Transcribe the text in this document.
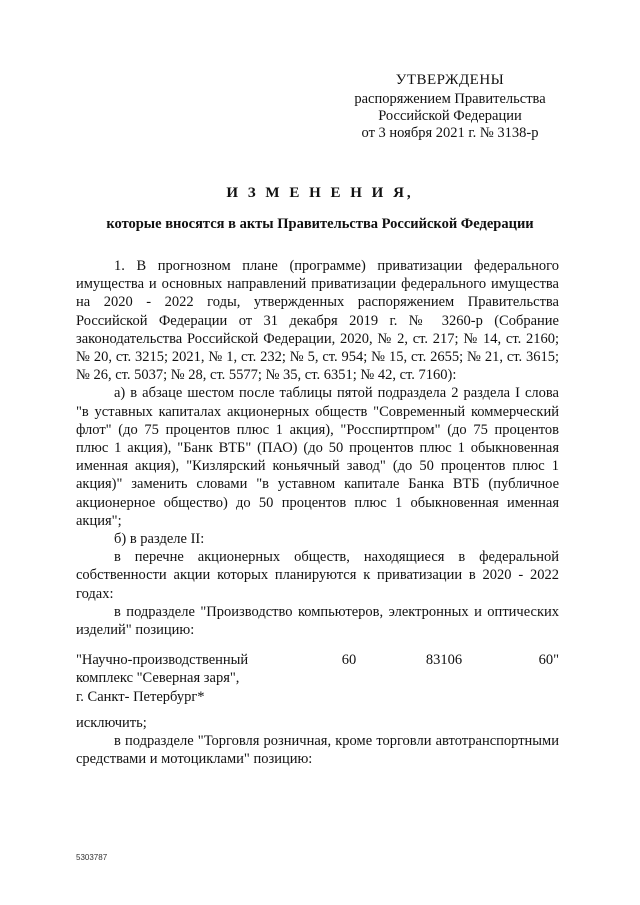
УТВЕРЖДЕНЫ
распоряжением Правительства
Российской Федерации
от 3 ноября 2021 г. № 3138-р
И З М Е Н Е Н И Я,
которые вносятся в акты Правительства Российской Федерации
1. В прогнозном плане (программе) приватизации федерального имущества и основных направлений приватизации федерального имущества на 2020 - 2022 годы, утвержденных распоряжением Правительства Российской Федерации от 31 декабря 2019 г. № 3260-р (Собрание законодательства Российской Федерации, 2020, № 2, ст. 217; № 14, ст. 2160; № 20, ст. 3215; 2021, № 1, ст. 232; № 5, ст. 954; № 15, ст. 2655; № 21, ст. 3615; № 26, ст. 5037; № 28, ст. 5577; № 35, ст. 6351; № 42, ст. 7160):
а) в абзаце шестом после таблицы пятой подраздела 2 раздела I слова "в уставных капиталах акционерных обществ "Современный коммерческий флот" (до 75 процентов плюс 1 акция), "Росспиртпром" (до 75 процентов плюс 1 акция), "Банк ВТБ" (ПАО) (до 50 процентов плюс 1 обыкновенная именная акция), "Кизлярский коньячный завод" (до 50 процентов плюс 1 акция)" заменить словами "в уставном капитале Банка ВТБ (публичное акционерное общество) до 50 процентов плюс 1 обыкновенная именная акция";
б) в разделе II:
в перечне акционерных обществ, находящиеся в федеральной собственности акции которых планируются к приватизации в 2020 - 2022 годах:
в подразделе "Производство компьютеров, электронных и оптических изделий" позицию:
"Научно-производственный
комплекс "Северная заря",
г. Санкт- Петербург*
60	83106	60"
исключить;
в подразделе "Торговля розничная, кроме торговли автотранспортными средствами и мотоциклами" позицию:
5303787
